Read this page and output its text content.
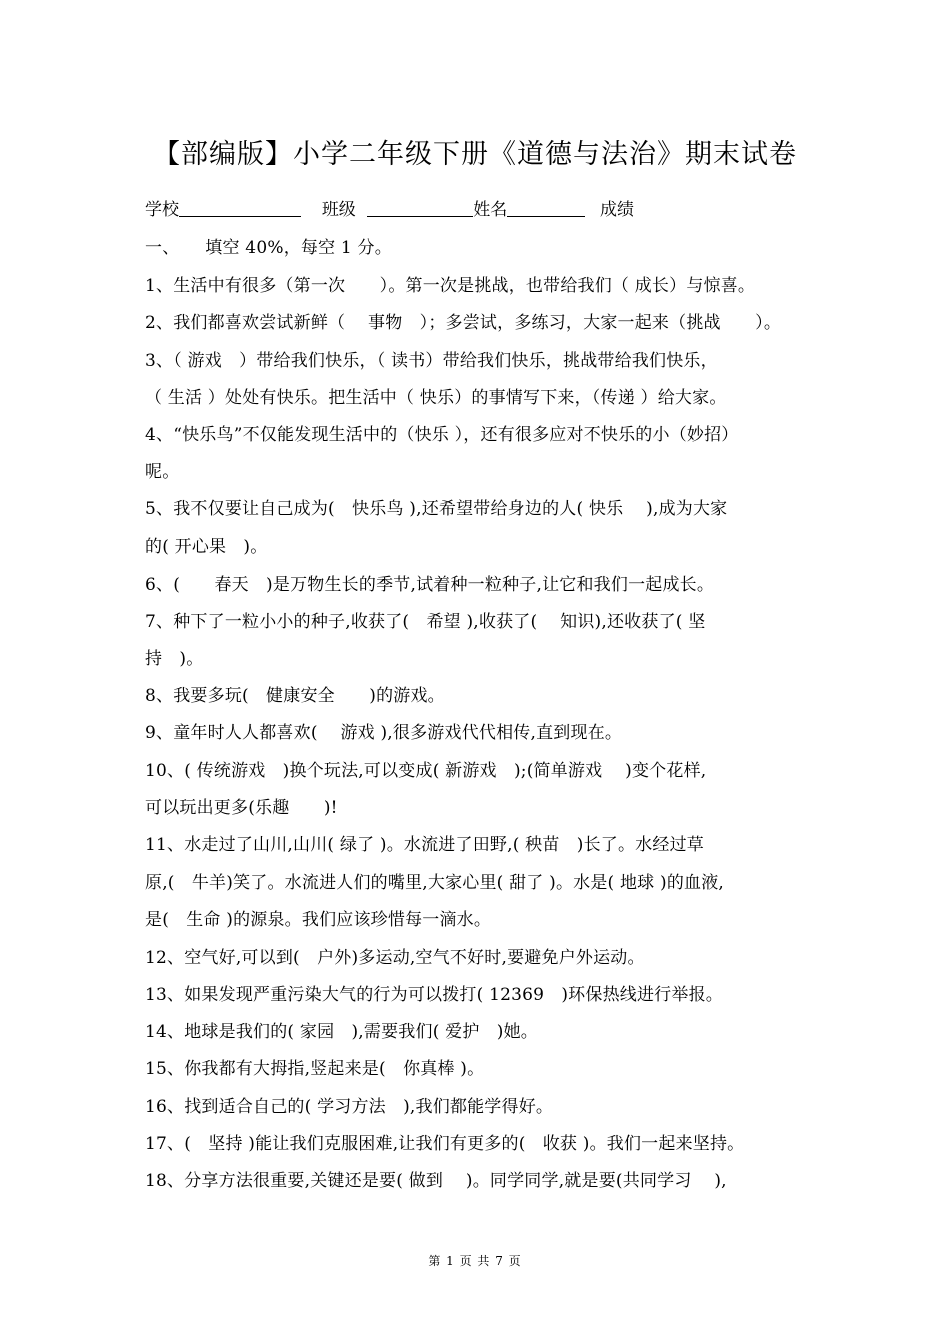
【部编版】小学二年级下册《道德与法治》期末试卷
学校	班级	姓名	成绩
一、　　填空 40%，每空 1 分。
1、生活中有很多（第一次　　）。第一次是挑战，也带给我们（ 成长）与惊喜。
2、我们都喜欢尝试新鲜（　 事物　）；多尝试，多练习，大家一起来（挑战　　）。
3、（ 游戏　）带给我们快乐，（ 读书）带给我们快乐，挑战带给我们快乐，
（ 生活 ）处处有快乐。把生活中（ 快乐）的事情写下来，（传递 ）给大家。
4、“快乐鸟”不仅能发现生活中的（快乐 ），还有很多应对不快乐的小（妙招）
呢。
5、我不仅要让自己成为(　快乐鸟 ),还希望带给身边的人( 快乐　 ),成为大家
的( 开心果　)。
6、(　　春天　)是万物生长的季节,试着种一粒种子,让它和我们一起成长。
7、种下了一粒小小的种子,收获了(　希望 ),收获了(　 知识),还收获了( 坚
持　)。
8、我要多玩(　健康安全　　)的游戏。
9、童年时人人都喜欢(　 游戏 ),很多游戏代代相传,直到现在。
10、( 传统游戏　)换个玩法,可以变成( 新游戏　);(简单游戏　 )变个花样,
可以玩出更多(乐趣　　)!
11、水走过了山川,山川( 绿了 )。水流进了田野,( 秧苗　)长了。水经过草
原,(　牛羊)笑了。水流进人们的嘴里,大家心里( 甜了 )。水是( 地球 )的血液,
是(　生命 )的源泉。我们应该珍惜每一滴水。
12、空气好,可以到(　户外)多运动,空气不好时,要避免户外运动。
13、如果发现严重污染大气的行为可以拨打( 12369　)环保热线进行举报。
14、地球是我们的( 家园　),需要我们( 爱护　)她。
15、你我都有大拇指,竖起来是(　你真棒 )。
16、找到适合自己的( 学习方法　),我们都能学得好。
17、(　坚持 )能让我们克服困难,让我们有更多的(　收获 )。我们一起来坚持。
18、分享方法很重要,关键还是要( 做到　 )。同学同学,就是要(共同学习　 ),
第 1 页 共 7 页
